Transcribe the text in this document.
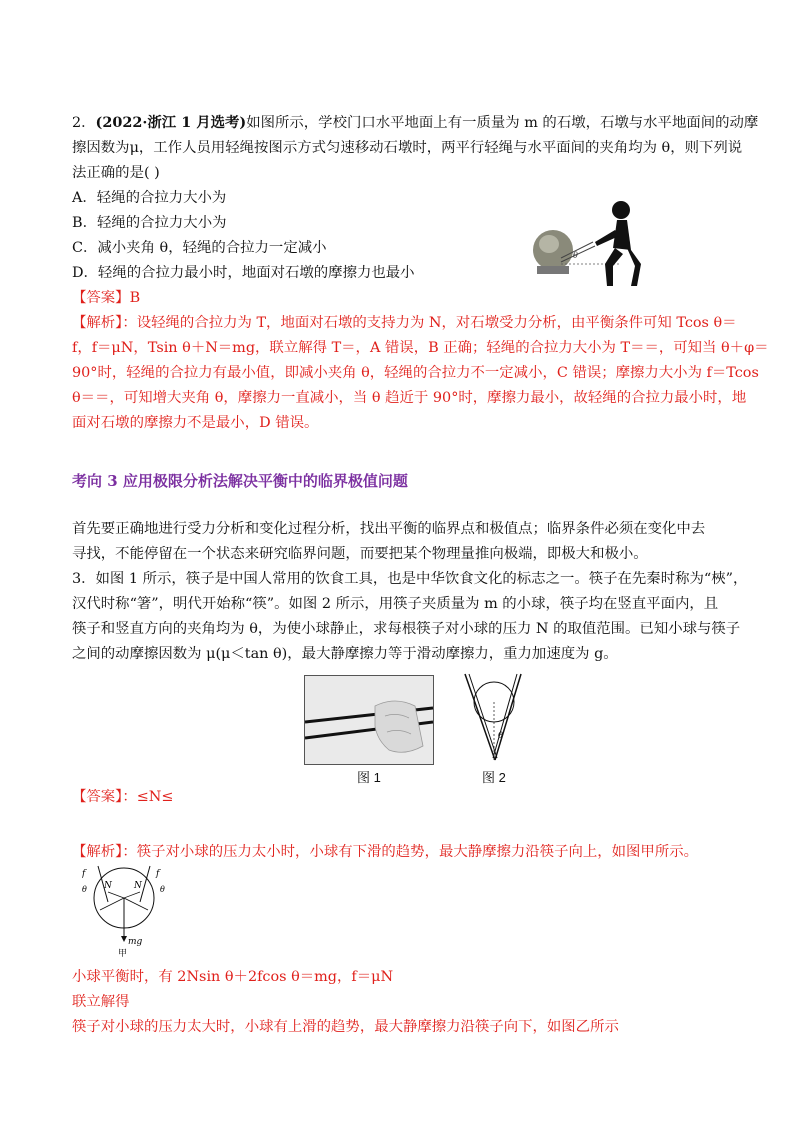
2．(2022·浙江 1 月选考)如图所示，学校门口水平地面上有一质量为 m 的石墩，石墩与水平地面间的动摩
擦因数为μ，工作人员用轻绳按图示方式匀速移动石墩时，两平行轻绳与水平面间的夹角均为 θ，则下列说
法正确的是( )
A．轻绳的合拉力大小为
B．轻绳的合拉力大小为
C．减小夹角 θ，轻绳的合拉力一定减小
D．轻绳的合拉力最小时，地面对石墩的摩擦力也最小
【答案】B
【解析】：设轻绳的合拉力为 T，地面对石墩的支持力为 N，对石墩受力分析，由平衡条件可知 Tcos θ＝
f，f＝μN，Tsin θ＋N＝mg，联立解得 T＝，A 错误，B 正确；轻绳的合拉力大小为 T＝＝，可知当 θ＋φ＝
90°时，轻绳的合拉力有最小值，即减小夹角 θ，轻绳的合拉力不一定减小，C 错误；摩擦力大小为 f＝Tcos
θ＝＝，可知增大夹角 θ，摩擦力一直减小，当 θ 趋近于 90°时，摩擦力最小，故轻绳的合拉力最小时，地
面对石墩的摩擦力不是最小，D 错误。
θ
考向 3 应用极限分析法解决平衡中的临界极值问题
首先要正确地进行受力分析和变化过程分析，找出平衡的临界点和极值点；临界条件必须在变化中去
寻找，不能停留在一个状态来研究临界问题，而要把某个物理量推向极端，即极大和极小。
3．如图 1 所示，筷子是中国人常用的饮食工具，也是中华饮食文化的标志之一。筷子在先秦时称为“梜”，
汉代时称“箸”，明代开始称“筷”。如图 2 所示，用筷子夹质量为 m 的小球，筷子均在竖直平面内，且
筷子和竖直方向的夹角均为 θ，为使小球静止，求每根筷子对小球的压力 N 的取值范围。已知小球与筷子
之间的动摩擦因数为 μ(μ＜tan θ)，最大静摩擦力等于滑动摩擦力，重力加速度为 g。
图 1
θ
图 2
【答案】：≤N≤
【解析】：筷子对小球的压力太小时，小球有下滑的趋势，最大静摩擦力沿筷子向上，如图甲所示。
f	f
N N
θ	θ
mg
甲
小球平衡时，有 2Nsin θ＋2fcos θ＝mg，f＝μN
联立解得
筷子对小球的压力太大时，小球有上滑的趋势，最大静摩擦力沿筷子向下，如图乙所示
